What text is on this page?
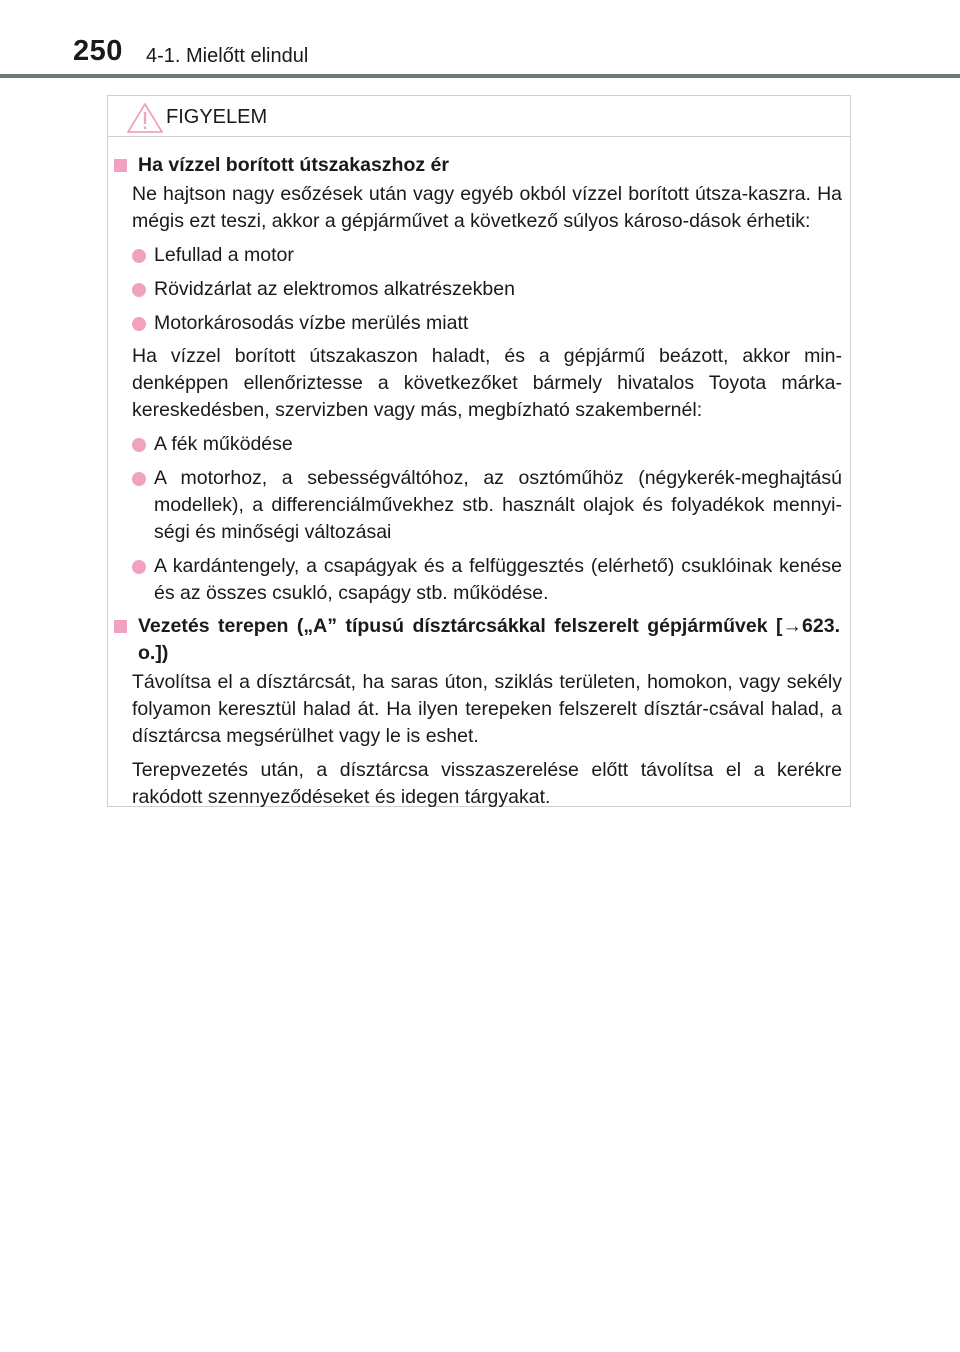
250 4-1. Mielőtt elindul
FIGYELEM
Ha vízzel borított útszakaszhoz ér
Ne hajtson nagy esőzések után vagy egyéb okból vízzel borított útsza-kaszra. Ha mégis ezt teszi, akkor a gépjárművet a következő súlyos károso-dások érhetik:
Lefullad a motor
Rövidzárlat az elektromos alkatrészekben
Motorkárosodás vízbe merülés miatt
Ha vízzel borított útszakaszon haladt, és a gépjármű beázott, akkor min-denképpen ellenőriztesse a következőket bármely hivatalos Toyota márka-kereskedésben, szervizben vagy más, megbízható szakembernél:
A fék működése
A motorhoz, a sebességváltóhoz, az osztóműhöz (négykerék-meghajtású modellek), a differenciálművekhez stb. használt olajok és folyadékok mennyi-ségi és minőségi változásai
A kardántengely, a csapágyak és a felfüggesztés (elérhető) csuklóinak kenése és az összes csukló, csapágy stb. működése.
Vezetés terepen („A” típusú dísztárcsákkal felszerelt gépjárművek [→623. o.])
Távolítsa el a dísztárcsát, ha saras úton, sziklás területen, homokon, vagy sekély folyamon keresztül halad át. Ha ilyen terepeken felszerelt dísztár-csával halad, a dísztárcsa megsérülhet vagy le is eshet.
Terepvezetés után, a dísztárcsa visszaszerelése előtt távolítsa el a kerékre rakódott szennyeződéseket és idegen tárgyakat.
